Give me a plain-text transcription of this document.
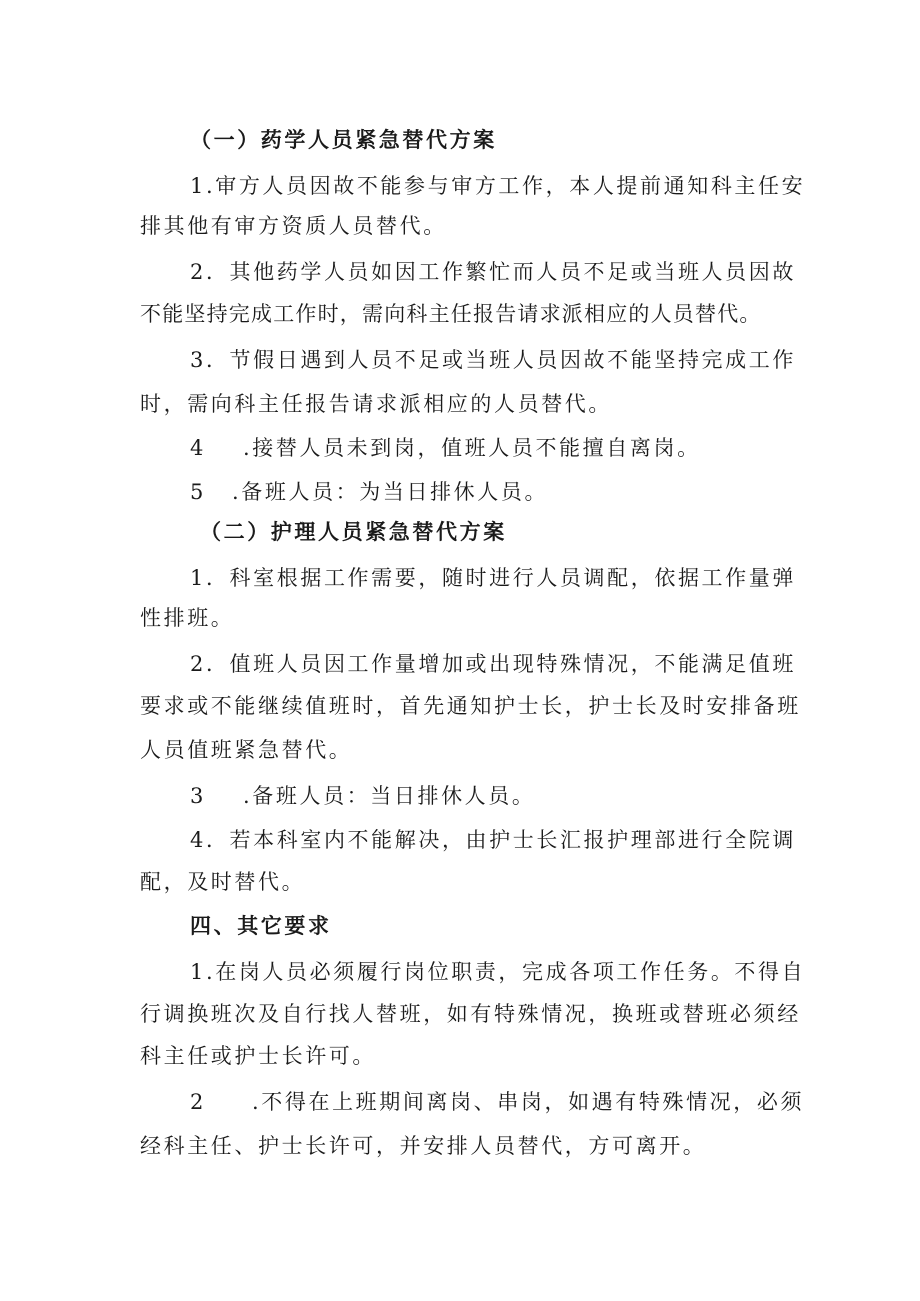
（一）药学人员紧急替代方案
1.审方人员因故不能参与审方工作，本人提前通知科主任安
排其他有审方资质人员替代。
2．其他药学人员如因工作繁忙而人员不足或当班人员因故
不能坚持完成工作时，需向科主任报告请求派相应的人员替代。
3．节假日遇到人员不足或当班人员因故不能坚持完成工作
时，需向科主任报告请求派相应的人员替代。
4 .接替人员未到岗，值班人员不能擅自离岗。
5 .备班人员：为当日排休人员。
（二）护理人员紧急替代方案
1．科室根据工作需要，随时进行人员调配，依据工作量弹
性排班。
2．值班人员因工作量增加或出现特殊情况，不能满足值班
要求或不能继续值班时，首先通知护士长，护士长及时安排备班
人员值班紧急替代。
3 .备班人员：当日排休人员。
4．若本科室内不能解决，由护士长汇报护理部进行全院调
配，及时替代。
四、其它要求
1.在岗人员必须履行岗位职责，完成各项工作任务。不得自
行调换班次及自行找人替班，如有特殊情况，换班或替班必须经
科主任或护士长许可。
2 .不得在上班期间离岗、串岗，如遇有特殊情况，必须
经科主任、护士长许可，并安排人员替代，方可离开。
